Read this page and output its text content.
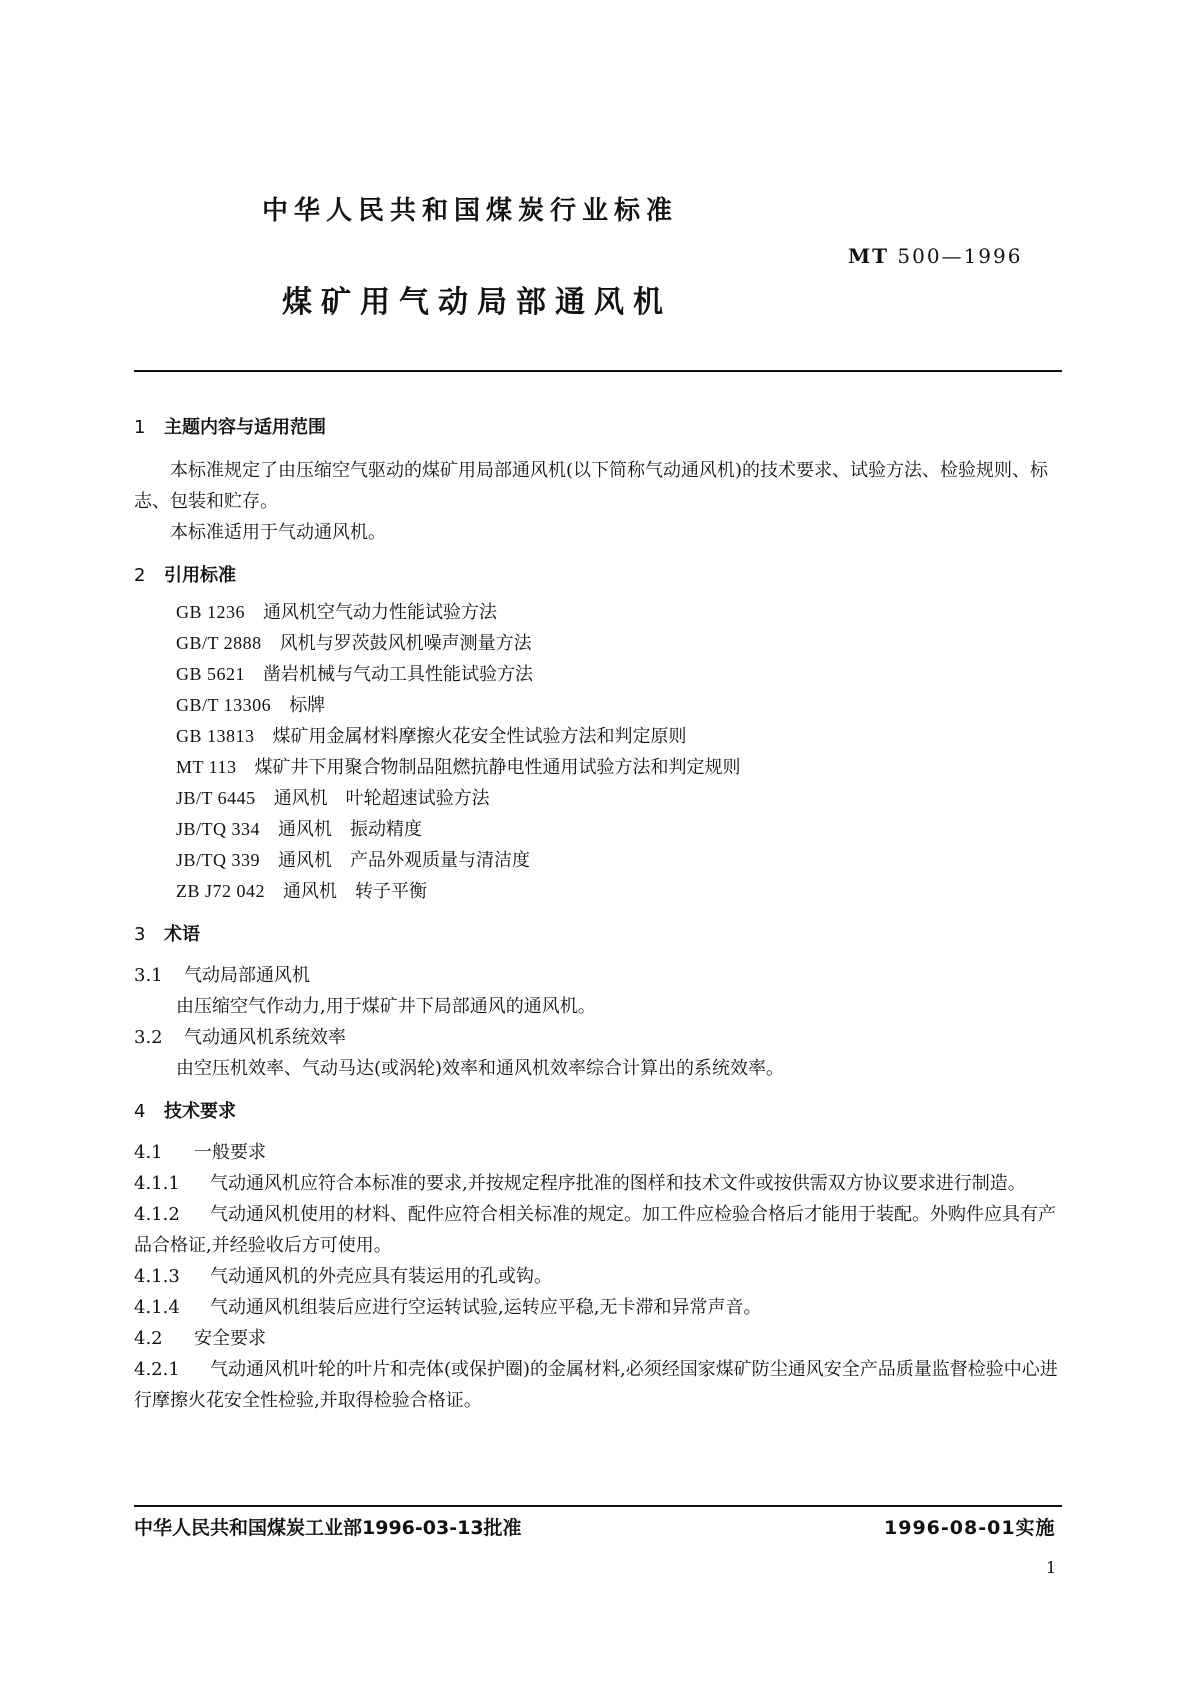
中华人民共和国煤炭行业标准
MT 500—1996
煤矿用气动局部通风机
1 主题内容与适用范围
本标准规定了由压缩空气驱动的煤矿用局部通风机(以下简称气动通风机)的技术要求、试验方法、检验规则、标志、包装和贮存。
本标准适用于气动通风机。
2 引用标准
GB 1236　 通风机空气动力性能试验方法
GB/T 2888　 风机与罗茨鼓风机噪声测量方法
GB 5621　 凿岩机械与气动工具性能试验方法
GB/T 13306　 标牌
GB 13813　 煤矿用金属材料摩擦火花安全性试验方法和判定原则
MT 113　 煤矿井下用聚合物制品阻燃抗静电性通用试验方法和判定规则
JB/T 6445　 通风机　叶轮超速试验方法
JB/TQ 334　 通风机　振动精度
JB/TQ 339　 通风机　产品外观质量与清洁度
ZB J72 042　 通风机　转子平衡
3 术语
3.1 气动局部通风机
由压缩空气作动力,用于煤矿井下局部通风的通风机。
3.2 气动通风机系统效率
由空压机效率、气动马达(或涡轮)效率和通风机效率综合计算出的系统效率。
4 技术要求
4.1 一般要求
4.1.1 气动通风机应符合本标准的要求,并按规定程序批准的图样和技术文件或按供需双方协议要求进行制造。
4.1.2 气动通风机使用的材料、配件应符合相关标准的规定。加工件应检验合格后才能用于装配。外购件应具有产品合格证,并经验收后方可使用。
4.1.3 气动通风机的外壳应具有装运用的孔或钩。
4.1.4 气动通风机组装后应进行空运转试验,运转应平稳,无卡滞和异常声音。
4.2 安全要求
4.2.1 气动通风机叶轮的叶片和壳体(或保护圈)的金属材料,必须经国家煤矿防尘通风安全产品质量监督检验中心进行摩擦火花安全性检验,并取得检验合格证。
中华人民共和国煤炭工业部1996-03-13批准	1996-08-01实施
1
